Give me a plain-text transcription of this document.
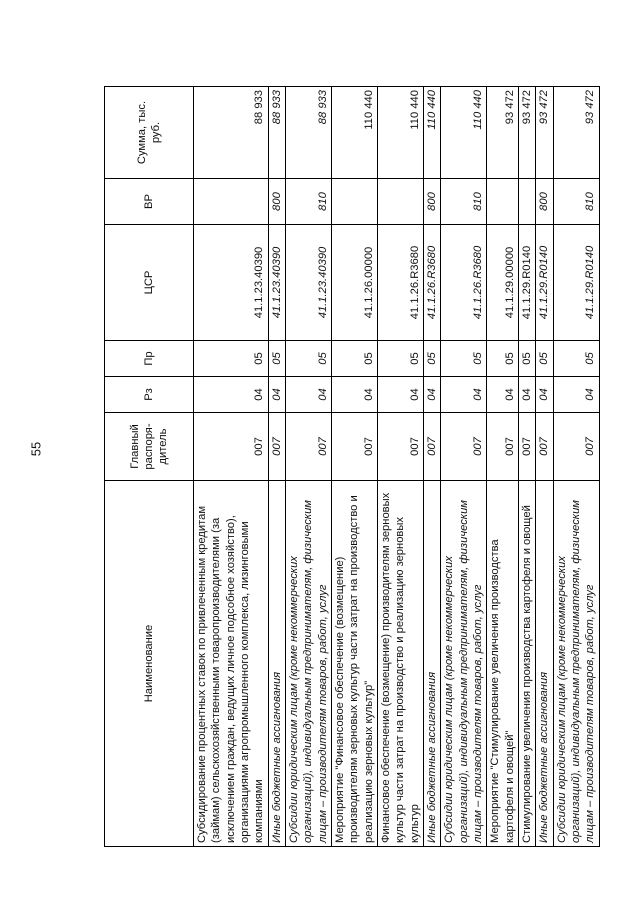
55
Наименование	Главный распоря-дитель	Рз	Пр	ЦСР	ВР	Сумма, тыс. руб.
Субсидирование процентных ставок по привлеченным кредитам (займам) сельскохозяйственными товаропроизводителями (за исключением граждан, ведущих личное подсобное хозяйство), организациями агропромышленного комплекса, лизинговыми компаниями	007	04	05	41.1.23.40390		88 933
Иные бюджетные ассигнования	007	04	05	41.1.23.40390	800	88 933
Субсидии юридическим лицам (кроме некоммерческих организаций), индивидуальным предпринимателям, физическим лицам – производителям товаров, работ, услуг	007	04	05	41.1.23.40390	810	88 933
Мероприятие "Финансовое обеспечение (возмещение) производителям зерновых культур части затрат на производство и реализацию зерновых культур"	007	04	05	41.1.26.00000		110 440
Финансовое обеспечение (возмещение) производителям зерновых культур части затрат на производство и реализацию зерновых культур	007	04	05	41.1.26.R3680		110 440
Иные бюджетные ассигнования	007	04	05	41.1.26.R3680	800	110 440
Субсидии юридическим лицам (кроме некоммерческих организаций), индивидуальным предпринимателям, физическим лицам – производителям товаров, работ, услуг	007	04	05	41.1.26.R3680	810	110 440
Мероприятие "Стимулирование увеличения производства картофеля и овощей"	007	04	05	41.1.29.00000		93 472
Стимулирование увеличения производства картофеля и овощей	007	04	05	41.1.29.R0140		93 472
Иные бюджетные ассигнования	007	04	05	41.1.29.R0140	800	93 472
Субсидии юридическим лицам (кроме некоммерческих организаций), индивидуальным предпринимателям, физическим лицам – производителям товаров, работ, услуг	007	04	05	41.1.29.R0140	810	93 472
